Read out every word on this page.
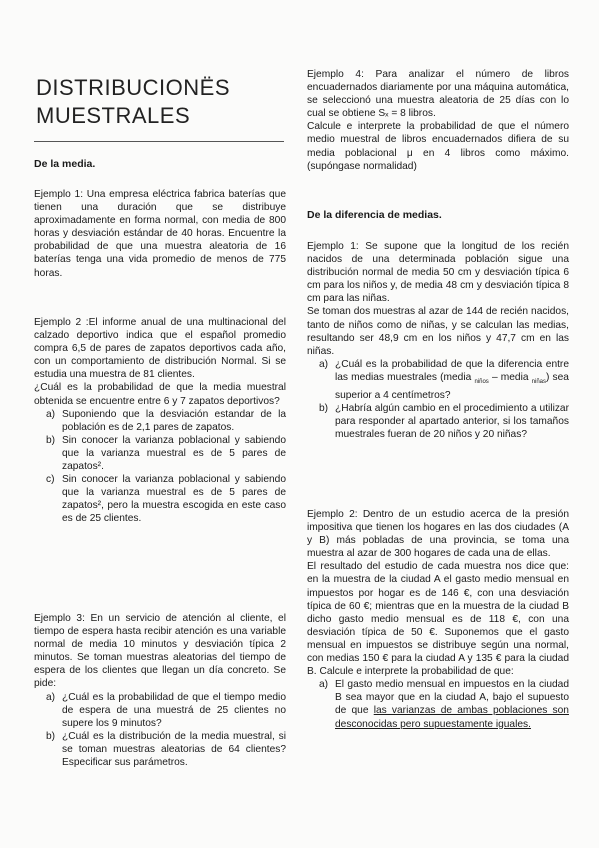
DISTRIBUCIONËS
MUESTRALES

De la media.

Ejemplo 1: Una empresa eléctrica fabrica baterías que tienen una duración que se distribuye aproximadamente en forma normal, con media de 800 horas y desviación estándar de 40 horas. Encuentre la probabilidad de que una muestra aleatoria de 16 baterías tenga una vida promedio de menos de 775 horas.

Ejemplo 2 :El informe anual de una multinacional del calzado deportivo indica que el español promedio compra 6,5 de pares de zapatos deportivos cada año, con un comportamiento de distribución Normal. Si se estudia una muestra de 81 clientes.

¿Cuál es la probabilidad de que la media muestral obtenida se encuentre entre 6 y 7 zapatos deportivos?

a) Suponiendo que la desviación estandar de la población es de 2,1 pares de zapatos.
b) Sin conocer la varianza poblacional y sabiendo que la varianza muestral es de 5 pares de zapatos².
c) Sin conocer la varianza poblacional y sabiendo que la varianza muestral es de 5 pares de zapatos², pero la muestra escogida en este caso es de 25 clientes.

Ejemplo 3: En un servicio de atención al cliente, el tiempo de espera hasta recibir atención es una variable normal de media 10 minutos y desviación típica 2 minutos. Se toman muestras aleatorias del tiempo de espera de los clientes que llegan un día concreto. Se pide:

a) ¿Cuál es la probabilidad de que el tiempo medio de espera de una muestrá de 25 clientes no supere los 9 minutos?
b) ¿Cuál es la distribución de la media muestral, si se toman muestras aleatorias de 64 clientes? Especificar sus parámetros.

Ejemplo 4: Para analizar el número de libros encuadernados diariamente por una máquina automática, se seleccionó una muestra aleatoria de 25 días con lo cual se obtiene Sₓ = 8 libros.

Calcule e interprete la probabilidad de que el número medio muestral de libros encuadernados difiera de su media poblacional μ en 4 libros como máximo. (supóngase normalidad)

De la diferencia de medias.

Ejemplo 1: Se supone que la longitud de los recién nacidos de una determinada población sigue una distribución normal de media 50 cm y desviación típica 6 cm para los niños y, de media 48 cm y desviación típica 8 cm para las niñas.

Se toman dos muestras al azar de 144 de recién nacidos, tanto de niños como de niñas, y se calculan las medias, resultando ser 48,9 cm en los niños y 47,7 cm en las niñas.

a) ¿Cuál es la probabilidad de que la diferencia entre las medias muestrales (media $_{niños}$ – media $_{niñas}$) sea superior a 4 centímetros?
b) ¿Habría algún cambio en el procedimiento a utilizar para responder al apartado anterior, si los tamaños muestrales fueran de 20 niños y 20 niñas?

Ejemplo 2: Dentro de un estudio acerca de la presión impositiva que tienen los hogares en las dos ciudades (A y B) más pobladas de una provincia, se toma una muestra al azar de 300 hogares de cada una de ellas.

El resultado del estudio de cada muestra nos dice que: en la muestra de la ciudad A el gasto medio mensual en impuestos por hogar es de 146 €, con una desviación típica de 60 €; mientras que en la muestra de la ciudad B dicho gasto medio mensual es de 118 €, con una desviación típica de 50 €. Suponemos que el gasto mensual en impuestos se distribuye según una normal, con medias 150 € para la ciudad A y 135 € para la ciudad B. Calcule e interprete la probabilidad de que:

a) El gasto medio mensual en impuestos en la ciudad B sea mayor que en la ciudad A, bajo el supuesto de que las varianzas de ambas poblaciones son desconocidas pero supuestamente iguales.
